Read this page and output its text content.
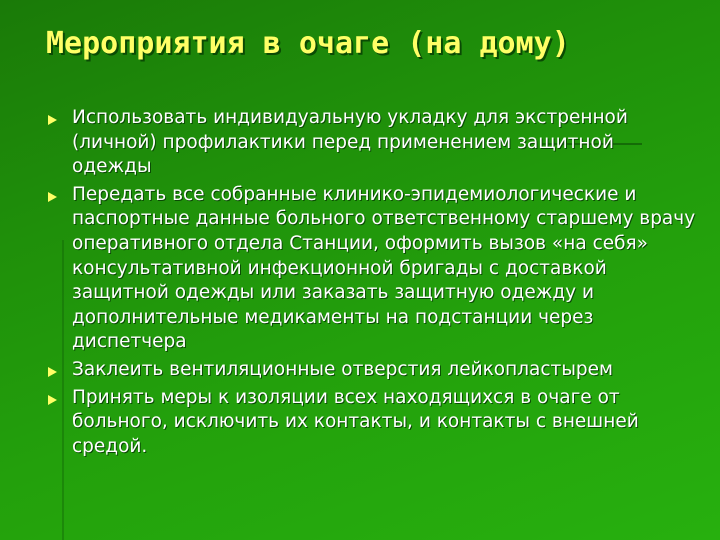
Мероприятия в очаге (на дому)
Использовать индивидуальную укладку для экстренной (личной) профилактики перед применением защитной одежды
Передать все собранные клинико-эпидемиологические и паспортные данные больного ответственному старшему врачу оперативного отдела Станции, оформить вызов «на себя» консультативной инфекционной бригады с доставкой защитной одежды или заказать защитную одежду и дополнительные медикаменты на подстанции через диспетчера
Заклеить вентиляционные отверстия лейкопластырем
Принять меры к изоляции всех находящихся в очаге от больного, исключить их контакты, и контакты с внешней средой.
